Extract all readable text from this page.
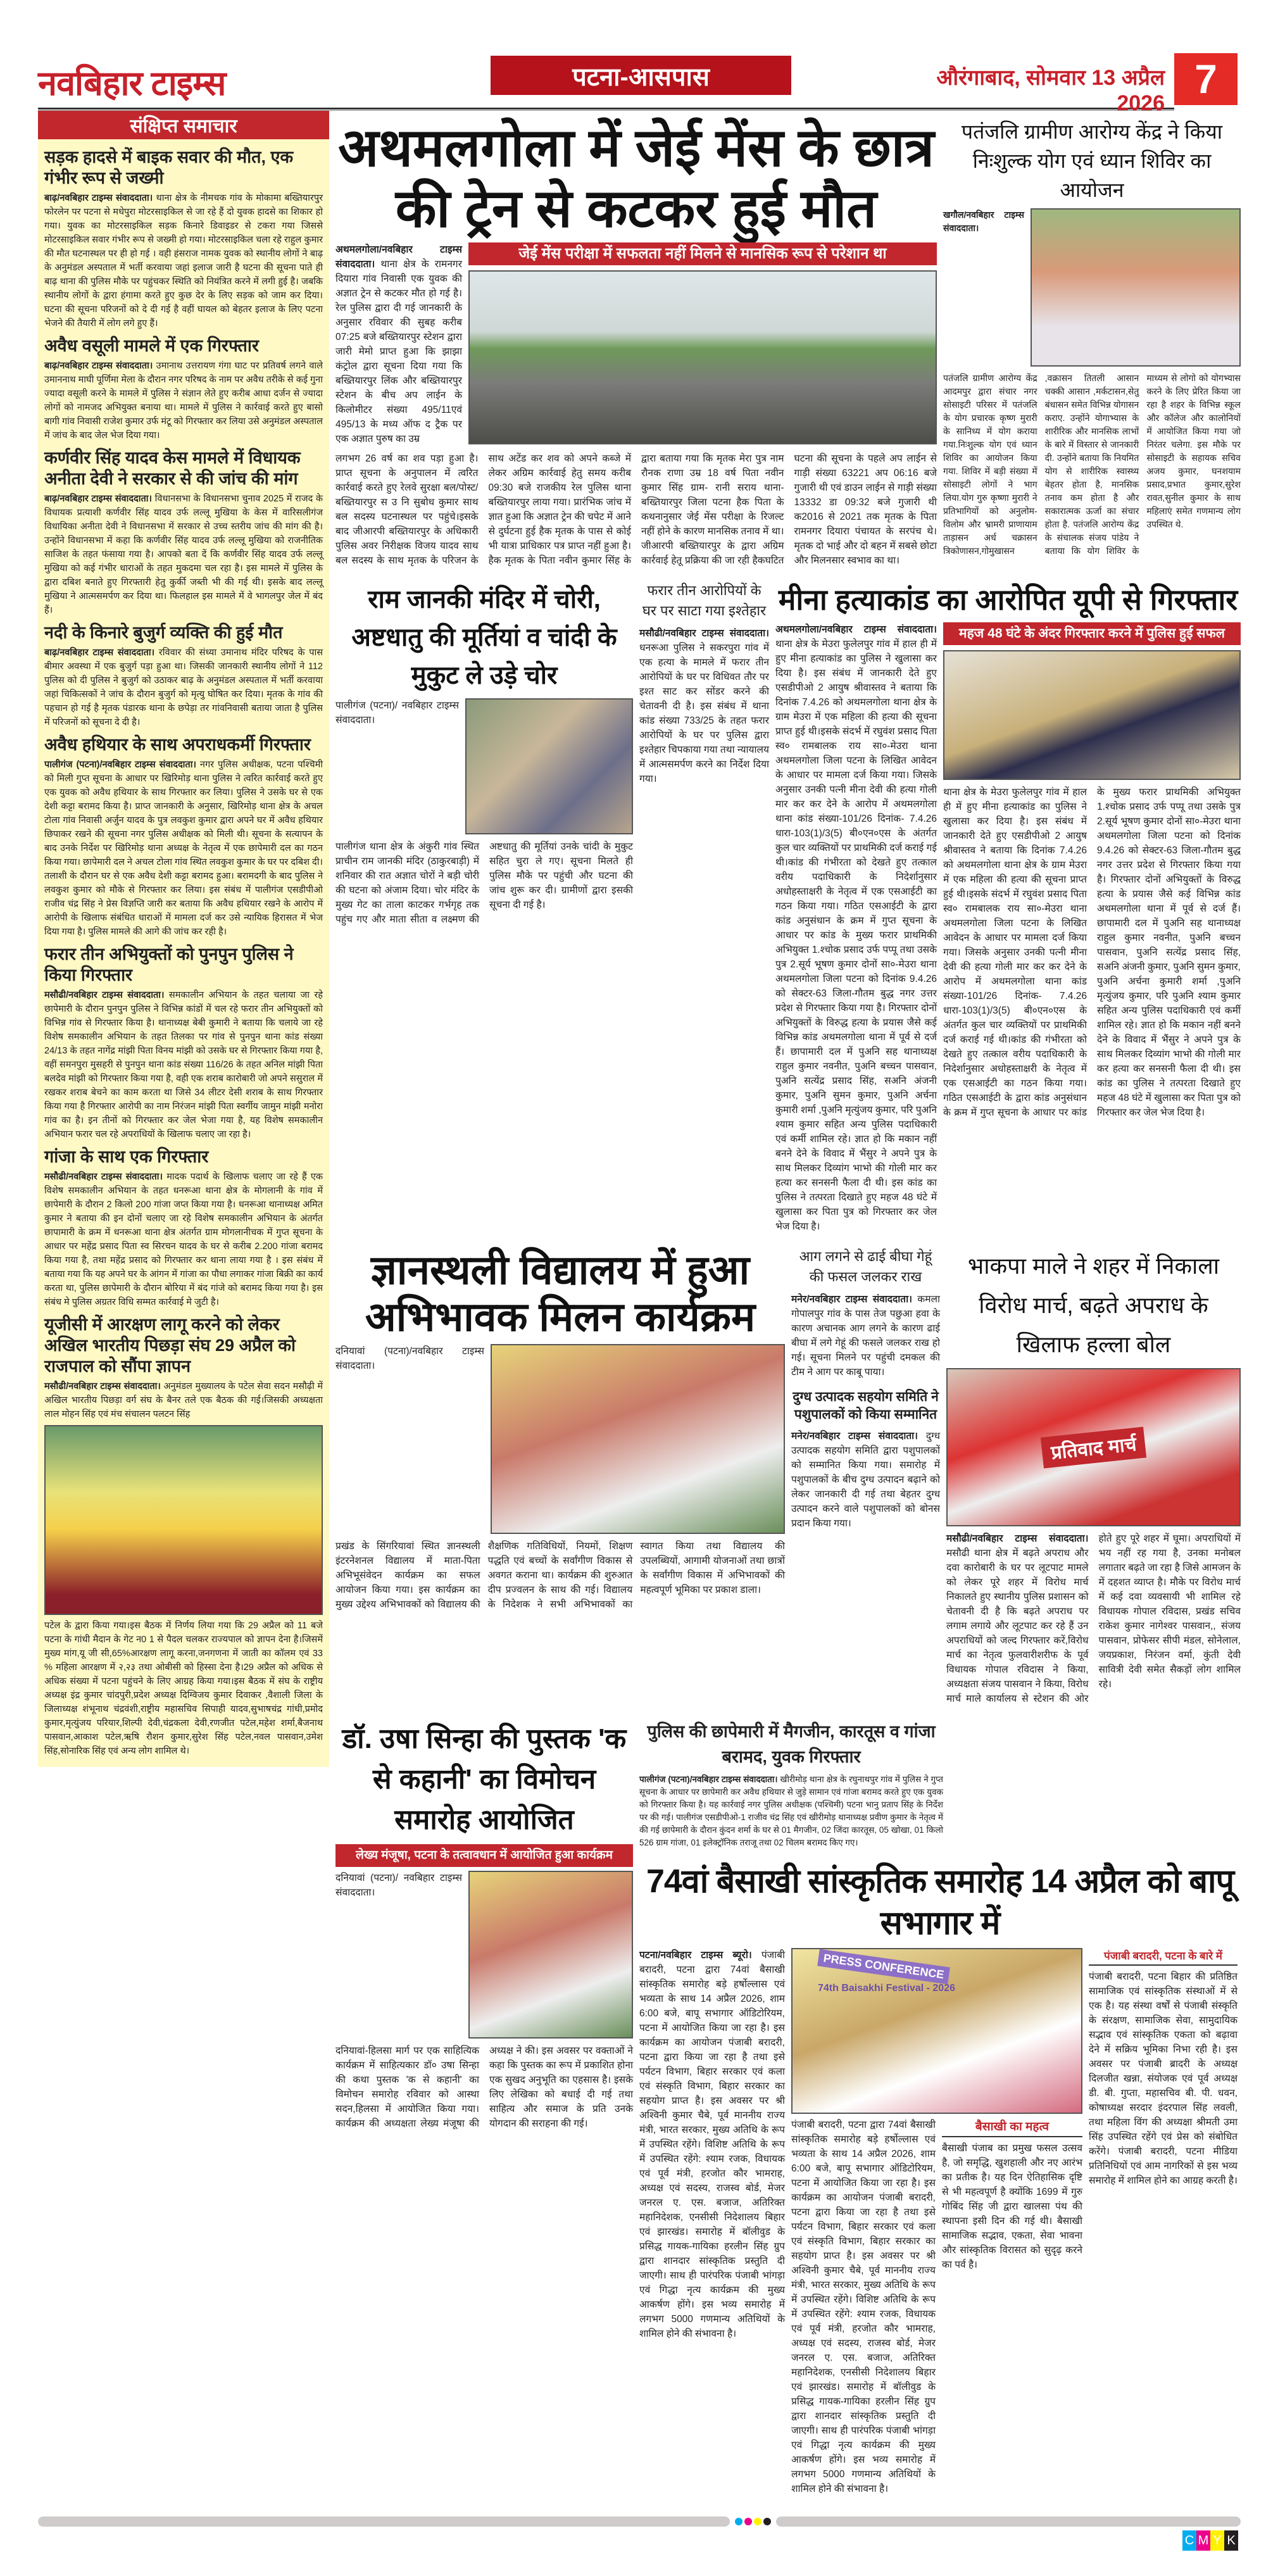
नवबिहार टाइम्स	पटना-आसपास	औरंगाबाद, सोमवार 13 अप्रैल 2026
7
संक्षिप्त समाचार
सड़क हादसे में बाइक सवार की मौत, एक गंभीर रूप से जख्मी

बाढ़/नवबिहार टाइम्स संवाददाता। थाना क्षेत्र के नीमचक गांव के मोकामा बख्तियारपुर फोरलेन पर पटना से मधेपुरा मोटरसाइकिल से जा रहे हैं दो युवक हादसे का शिकार हो गया। युवक का मोटरसाइकिल सड़क किनारे डिवाइडर से टकरा गया जिससे मोटरसाइकिल सवार गंभीर रूप से जख्मी हो गया। मोटरसाइकिल चला रहे राहुल कुमार की मौत घटनास्थल पर ही हो गई । वही हंसराज नामक युवक को स्थानीय लोगों ने बाढ़ के अनुमंडल अस्पताल में भर्ती करवाया जहां इलाज जारी है घटना की सूचना पाते ही बाढ़ थाना की पुलिस मौके पर पहुंचकर स्थिति को नियंत्रित करने में लगी हुई है। जबकि स्थानीय लोगों के द्वारा हंगामा करते हुए कुछ देर के लिए सड़क को जाम कर दिया। घटना की सूचना परिजनों को दे दी गई है वहीं घायल को बेहतर इलाज के लिए पटना भेजने की तैयारी में लोग लगे हुए हैं।

अवैध वसूली मामले में एक गिरफ्तार

बाढ़/नवबिहार टाइम्स संवाददाता। उमानाथ उत्तरायण गंगा घाट पर प्रतिवर्ष लगने वाले उमाननाथ माघी पूर्णिमा मेला के दौरान नगर परिषद के नाम पर अवैध तरीके से कई गुना ज्यादा वसूली करने के मामले में पुलिस ने संज्ञान लेते हुए करीब आधा दर्जन से ज्यादा लोगों को नामजद अभियुक्त बनाया था। मामले में पुलिस ने कार्रवाई करते हुए बासो बागी गांव निवासी राजेश कुमार उर्फ मंटू को गिरफ्तार कर लिया उसे अनुमंडल अस्पताल में जांच के बाद जेल भेज दिया गया।

कर्णवीर सिंह यादव केस मामले में विधायक अनीता देवी ने सरकार से की जांच की मांग

बाढ़/नवबिहार टाइम्स संवाददाता। विधानसभा के विधानसभा चुनाव 2025 में राजद के विधायक प्रत्याशी कर्णवीर सिंह यादव उर्फ लल्लू मुखिया के केस में वारिसलीगंज विधायिका अनीता देवी ने विधानसभा में सरकार से उच्च स्तरीय जांच की मांग की है। उन्होंने विधानसभा में कहा कि कर्णवीर सिंह यादव उर्फ लल्लू मुखिया को राजनीतिक साजिश के तहत फंसाया गया है। आपको बता दें कि कर्णवीर सिंह यादव उर्फ लल्लू मुखिया को कई गंभीर धाराओं के तहत मुकदमा चल रहा है। इस मामले में पुलिस के द्वारा दबिश बनाते हुए गिरफ्तारी हेतु कुर्की जब्ती भी की गई थी। इसके बाद लल्लू मुखिया ने आत्मसमर्पण कर दिया था। फिलहाल इस मामले में वे भागलपुर जेल में बंद हैं।

नदी के किनारे बुजुर्ग व्यक्ति की हुई मौत

बाढ़/नवबिहार टाइम्स संवाददाता। रविवार की संध्या उमानाथ मंदिर परिषद के पास बीमार अवस्था में एक बुजुर्ग पड़ा हुआ था। जिसकी जानकारी स्थानीय लोगों ने 112 पुलिस को दी पुलिस ने बुजुर्ग को उठाकर बाढ़ के अनुमंडल अस्पताल में भर्ती करवाया जहां चिकित्सकों ने जांच के दौरान बुजुर्ग को मृत्यु घोषित कर दिया। मृतक के गांव की पहचान हो गई है मृतक पंडारक थाना के छपेड़ा तर गांवनिवासी बताया जाता है पुलिस में परिजनों को सूचना दे दी है।

अवैध हथियार के साथ अपराधकर्मी गिरफ्तार

पालीगंज (पटना)/नवबिहार टाइम्स संवाददाता। नगर पुलिस अधीक्षक, पटना पश्चिमी को मिली गुप्त सूचना के आधार पर खिरिमोड़ थाना पुलिस ने त्वरित कार्रवाई करते हुए एक युवक को अवैध हथियार के साथ गिरफ्तार कर लिया। पुलिस ने उसके घर से एक देशी कट्टा बरामद किया है। प्राप्त जानकारी के अनुसार, खिरिमोड़ थाना क्षेत्र के अचल टोला गांव निवासी अर्जुन यादव के पुत्र लवकुश कुमार द्वारा अपने घर में अवैध हथियार छिपाकर रखने की सूचना नगर पुलिस अधीक्षक को मिली थी। सूचना के सत्यापन के बाद उनके निर्देश पर खिरिमोड़ थाना अध्यक्ष के नेतृत्व में एक छापेमारी दल का गठन किया गया। छापेमारी दल ने अचल टोला गांव स्थित लवकुश कुमार के घर पर दबिश दी। तलाशी के दौरान घर से एक अवैध देशी कट्टा बरामद हुआ। बरामदगी के बाद पुलिस ने लवकुश कुमार को मौके से गिरफ्तार कर लिया। इस संबंध में पालीगंज एसडीपीओ राजीव चंद्र सिंह ने प्रेस विज्ञप्ति जारी कर बताया कि अवैध हथियार रखने के आरोप में आरोपी के खिलाफ संबंधित धाराओं में मामला दर्ज कर उसे न्यायिक हिरासत में भेज दिया गया है। पुलिस मामले की आगे की जांच कर रही है।

फरार तीन अभियुक्तों को पुनपुन पुलिस ने किया गिरफ्तार

मसौढी/नवबिहार टाइम्स संवाददाता। समकालीन अभियान के तहत चलाया जा रहे छापेमारी के दौरान पुनपुन पुलिस ने विभिन्न कांडों में चल रहे फरार तीन अभियुक्तों को विभिन्न गांव से गिरफ्तार किया है। थानाध्यक्ष बेबी कुमारी ने बताया कि चलाये जा रहे विशेष समकालीन अभियान के तहत तिलका पर गांव से पुनपुन थाना कांड संख्या 24/13 के तहत नागेंद्र मांझी पिता विनय मांझी को उसके घर से गिरफ्तार किया गया है, वहीं समनपुरा मुसहरी से पुनपुन थाना कांड संख्या 116/26 के तहत अनिल मांझी पिता बलदेव मांझी को गिरफ्तार किया गया है, वही एक शराब कारोबारी जो अपने ससुराल में रखकर शराब बेचने का काम करता था जिसे 34 लीटर देसी शराब के साथ गिरफ्तार किया गया है गिरफ्तार आरोपी का नाम निरंजन मांझी पिता स्वर्गीय जामुन मांझी मनोरा गांव का है। इन तीनों को गिरफ्तार कर जेल भेजा गया है, यह विशेष समकालीन अभियान फरार चल रहे अपराधियों के खिलाफ चलाए जा रहा है।

गांजा के साथ एक गिरफ्तार

मसौढी/नवबिहार टाइम्स संवाददाता। मादक पदार्थ के खिलाफ चलाए जा रहे हैं एक विशेष समकालीन अभियान के तहत धनरूआ थाना क्षेत्र के मोगलानी के गांव में छापेमारी के दौरान 2 किलो 200 गांजा जप्त किया गया है। धनरूआ थानाध्यक्ष अमित कुमार ने बताया की इन दोनों चलाए जा रहे विशेष समकालीन अभियान के अंतर्गत छापामारी के क्रम में धनरूआ थाना क्षेत्र अंतर्गत ग्राम मोगलानीचक में गुप्त सूचना के आधार पर महेंद्र प्रसाद पिता स्व सिरचन यादव के घर से करीब 2.200 गांजा बरामद किया गया है, तथा महेंद्र प्रसाद को गिरफ्तार कर थाना लाया गया है । इस संबंध में बताया गया कि यह अपने घर के आंगन में गांजा का पौधा लगाकर गांजा बिक्री का कार्य करता था, पुलिस छापेमारी के दौरान बोरिया में बंद गांजे को बरामद किया गया है। इस संबंध मे पुलिस अग्रतर विधि सम्मत कार्रवाई मे जुटी है।

यूजीसी में आरक्षण लागू करने को लेकर अखिल भारतीय पिछड़ा संघ 29 अप्रैल को राजपाल को सौंपा ज्ञापन

मसौढी/नवबिहार टाइम्स संवाददाता। अनुमंडल मुख्यालय के पटेल सेवा सदन मसौढ़ी में अखिल भारतीय पिछड़ा वर्ग संघ के बैनर तले एक बैठक की गई।जिसकी अध्यक्षता लाल मोहन सिंह एवं मंच संचालन पलटन सिंह

पटेल के द्वारा किया गया।इस बैठक में निर्णय लिया गया कि 29 अप्रैल को 11 बजे पटना के गांधी मैदान के गेट न0 1 से पैदल चलकर राज्यपाल को ज्ञापन देना है।जिसमें मुख्य मांग,यू जी सी,65%आरक्षण लागू करना,जनगणना में जाती का कॉलम एवं 33 % महिला आरक्षण में २,२३ तथा ओबीसी को हिस्सा देना है।29 अप्रैल को अधिक से अधिक संख्या में पटना पहुंचने के लिए आग्रह किया गया।इस बैठक में संघ के राष्ट्रीय अध्यक्ष इंद्र कुमार चांदपुरी,प्रदेश अध्यक्ष दिग्विजय कुमार दिवाकर ,वैशाली जिला के जिलाध्यक्ष शंभूनाथ चंद्रवंशी,राष्ट्रीय महासचिव सिपाही यादव,सुभाषचंद्र गांधी,प्रमोद कुमार,मृत्युंजय परियार,शिल्पी देवी,चंद्रकला देवी,रणजीत पटेल,महेश शर्मा,बैजनाथ पासवान,आकाश पटेल,ऋषि रौशन कुमार,सुरेश सिंह पटेल,नवल पासवान,उमेश सिंह,सोनारिक सिंह एवं अन्य लोग शामिल थे।

अथमलगोला में जेई मेंस के छात्र
की ट्रेन से कटकर हुई मौत
अथमलगोला/नवबिहार टाइम्स संवाददाता। थाना क्षेत्र के रामनगर दियारा गांव निवासी एक युवक की अज्ञात ट्रेन से कटकर मौत हो गई है। रेल पुलिस द्वारा दी गई जानकारी के अनुसार रविवार की सुबह करीब 07:25 बजे बख्तियारपुर स्टेशन द्वारा जारी मेमो प्राप्त हुआ कि झाझा कंट्रोल द्वारा सूचना दिया गया कि बख्तियारपुर लिंक और बख्तियारपुर स्टेशन के बीच अप लाईन के किलोमीटर संख्या 495/11एवं 495/13 के मध्य ऑफ द ट्रैक पर एक अज्ञात पुरुष का उम्र
जेई मेंस परीक्षा में सफलता नहीं मिलने से मानसिक रूप से परेशान था
लगभग 26 वर्ष का शव पड़ा हुआ है। प्राप्त सूचना के अनुपालन में त्वरित कार्रवाई करते हुए रेलवे सुरक्षा बल/पोस्ट/ बख्तियारपुर स उ नि सुबोध कुमार साथ बल सदस्य घटनास्थल पर पहुंचे।इसके बाद जीआरपी बख्तियारपुर के अधिकारी पुलिस अवर निरीक्षक विजय यादव साथ बल सदस्य के साथ मृतक के परिजन के साथ अटेंड कर शव को अपने कब्जे में लेकर अग्रिम कार्रवाई हेतु समय करीब 09:30 बजे राजकीय रेल पुलिस थाना बख्तियारपुर लाया गया। प्रारंभिक जांच में ज्ञात हुआ कि अज्ञात ट्रेन की चपेट में आने से दुर्घटना हुई हैक मृतक के पास से कोई भी यात्रा प्राधिकार पत्र प्राप्त नहीं हुआ है। हैक मृतक के पिता नवीन कुमार सिंह के द्वारा बताया गया कि मृतक मेरा पुत्र नाम रौनक राणा उम्र 18 वर्ष पिता नवीन कुमार सिंह ग्राम- रानी सराय थाना- बख्तियारपुर जिला पटना हैक पिता के कथनानुसार जेई मेंस परीक्षा के रिजल्ट नहीं होने के कारण मानसिक तनाव में था। जीआरपी बख्तियारपुर के द्वारा अग्रिम कार्रवाई हेतू प्रक्रिया की जा रही हैकघटित घटना की सूचना के पहले अप लाईन से गाड़ी संख्या 63221 अप 06:16 बजे गुजारी थी एवं डाउन लाईन से गाड़ी संख्या 13332 डा 09:32 बजे गुजारी थी क2016 से 2021 तक मृतक के पिता रामनगर दियारा पंचायत के सरपंच थे। मृतक दो भाई और दो बहन में सबसे छोटा और मिलनसार स्वभाव का था।
पतंजलि ग्रामीण आरोग्य केंद्र ने किया निःशुल्क योग एवं ध्यान शिविर का आयोजन
खगौल/नवबिहार टाइम्स संवाददाता।
पतंजलि ग्रामीण आरोग्य केंद्र आदमपुर द्वारा संचार नगर सोसाइटी परिसर में पतंजलि के योग प्रचारक कृष्ण मुरारी के सानिध्य में योग कराया गया.निःशुल्क योग एवं ध्यान शिविर का आयोजन किया गया. शिविर में बड़ी संख्या में सोसाइटी लोगों ने भाग लिया.योग गुरु कृष्णा मुरारी ने प्रतिभागियों को अनुलोम-विलोम और भ्रामरी प्राणायाम ताड़ासन अर्ध चक्रासन त्रिकोणासन,गोमुखासन ,वक्रासन तितली आसान चक्की आसान ,मर्कटासन,सेतु बंधासन समेत विभिन्न योगासन कराए. उन्होंने योगाभ्यास के शारीरिक और मानसिक लाभों के बारे में विस्तार से जानकारी दी. उन्होंने बताया कि नियमित योग से शारीरिक स्वास्थ्य बेहतर होता है, मानसिक तनाव कम होता है और सकारात्मक ऊर्जा का संचार होता है. पतंजलि आरोग्य केंद्र के संचालक संजय पांडेय ने बताया कि योग शिविर के माध्यम से लोगो को योगभ्यास करने के लिए प्रेरित किया जा रहा है शहर के विभिन्न स्कूल और कॉलेज और कालोनियों में आयोजित किया गया जो निरंतर चलेगा. इस मौके पर सोसाइटी के सहायक सचिव अजय कुमार, घनशयाम प्रसाद,प्रभात कुमार,सुरेश रावत,सुनील कुमार के साथ महिलाएं समेत गणमान्य लोग उपस्थित थे.
राम जानकी मंदिर में चोरी, अष्टधातु की मूर्तियां व चांदी के मुकुट ले उड़े चोर
पालीगंज (पटना)/ नवबिहार टाइम्स संवाददाता।
पालीगंज थाना क्षेत्र के अंकुरी गांव स्थित प्राचीन राम जानकी मंदिर (ठाकुरबाड़ी) में शनिवार की रात अज्ञात चोरों ने बड़ी चोरी की घटना को अंजाम दिया। चोर मंदिर के मुख्य गेट का ताला काटकर गर्भगृह तक पहुंच गए और माता सीता व लक्ष्मण की अष्टधातु की मूर्तियां उनके चांदी के मुकुट सहित चुरा ले गए। सूचना मिलते ही पुलिस मौके पर पहुंची और घटना की जांच शुरू कर दी। ग्रामीणों द्वारा इसकी सूचना दी गई है।
फरार तीन आरोपियों के घर पर साटा गया इश्तेहार
मसौढी/नवबिहार टाइम्स संवाददाता। धनरूआ पुलिस ने सकरपुरा गांव में एक हत्या के मामले में फरार तीन आरोपियों के घर पर विधिवत तौर पर इश्त साट कर सोंडर करने की चेतावनी दी है। इस संबंध में थाना कांड संख्या 733/25 के तहत फरार आरोपियों के घर पर पुलिस द्वारा इश्तेहार चिपकाया गया तथा न्यायालय में आत्मसमर्पण करने का निर्देश दिया गया।
मीना हत्याकांड का आरोपित यूपी से गिरफ्तार
अथमलगोला/नवबिहार टाइम्स संवाददाता। थाना क्षेत्र के मेउरा फुलेलपुर गांव में हाल ही में हुए मीना हत्याकांड का पुलिस ने खुलासा कर दिया है। इस संबंध में जानकारी देते हुए एसडीपीओ 2 आयुष श्रीवास्तव ने बताया कि दिनांक 7.4.26 को अथमलगोला थाना क्षेत्र के ग्राम मेउरा में एक महिला की हत्या की सूचना प्राप्त हुई थी।इसके संदर्भ में रघुवंश प्रसाद पिता स्व० रामबालक राय सा०-मेउरा थाना अथमलगोला जिला पटना के लिखित आवेदन के आधार पर मामला दर्ज किया गया। जिसके अनुसार उनकी पत्नी मीना देवी की हत्या गोली मार कर कर देने के आरोप में अथमलगोला थाना कांड संख्या-101/26 दिनांक- 7.4.26 धारा-103(1)/3(5) बी०एन०एस के अंतर्गत कुल चार व्यक्तियों पर प्राथमिकी दर्ज कराई गई थी।कांड की गंभीरता को देखते हुए तत्काल वरीय पदाधिकारी के निदेर्शानुसार अधोहस्ताक्षरी के नेतृत्व में एक एसआईटी का गठन किया गया। गठित एसआईटी के द्वारा कांड अनुसंधान के क्रम में गुप्त सूचना के आधार पर कांड के मुख्य फरार प्राथमिकी अभियुक्त 1.श्चोक प्रसाद उर्फ पप्पू तथा उसके पुत्र 2.सूर्य भूषण कुमार दोनों सा०-मेउरा थाना अथमलगोला जिला पटना को दिनांक 9.4.26 को सेक्टर-63 जिला-गौतम बुद्ध नगर उत्तर प्रदेश से गिरफ्तार किया गया है। गिरफ्तार दोनों अभियुक्तों के विरुद्ध हत्या के प्रयास जैसे कई विभिन्न कांड अथमलगोला थाना में पूर्व से दर्ज हैं। छापामारी दल में पुअनि सह थानाध्यक्ष राहुल कुमार नवनीत, पुअनि बच्चन पासवान, पुअनि सत्येंद्र प्रसाद सिंह, सअनि अंजनी कुमार, पुअनि सुमन कुमार, पुअनि अर्चना कुमारी शर्मा ,पुअनि मृत्युंजय कुमार, परि पुअनि श्याम कुमार सहित अन्य पुलिस पदाधिकारी एवं कर्मी शामिल रहे। ज्ञात हो कि मकान नहीं बनने देने के विवाद में भैंसुर ने अपने पुत्र के साथ मिलकर दिव्यांग भाभो की गोली मार कर हत्या कर सनसनी फैला दी थी। इस कांड का पुलिस ने तत्परता दिखाते हुए महज 48 घंटे में खुलासा कर पिता पुत्र को गिरफ्तार कर जेल भेज दिया है।
महज 48 घंटे के अंदर गिरफ्तार करने में पुलिस हुई सफल
थाना क्षेत्र के मेउरा फुलेलपुर गांव में हाल ही में हुए मीना हत्याकांड का पुलिस ने खुलासा कर दिया है। इस संबंध में जानकारी देते हुए एसडीपीओ 2 आयुष श्रीवास्तव ने बताया कि दिनांक 7.4.26 को अथमलगोला थाना क्षेत्र के ग्राम मेउरा में एक महिला की हत्या की सूचना प्राप्त हुई थी।इसके संदर्भ में रघुवंश प्रसाद पिता स्व० रामबालक राय सा०-मेउरा थाना अथमलगोला जिला पटना के लिखित आवेदन के आधार पर मामला दर्ज किया गया। जिसके अनुसार उनकी पत्नी मीना देवी की हत्या गोली मार कर कर देने के आरोप में अथमलगोला थाना कांड संख्या-101/26 दिनांक- 7.4.26 धारा-103(1)/3(5) बी०एन०एस के अंतर्गत कुल चार व्यक्तियों पर प्राथमिकी दर्ज कराई गई थी।कांड की गंभीरता को देखते हुए तत्काल वरीय पदाधिकारी के निदेर्शानुसार अधोहस्ताक्षरी के नेतृत्व में एक एसआईटी का गठन किया गया। गठित एसआईटी के द्वारा कांड अनुसंधान के क्रम में गुप्त सूचना के आधार पर कांड के मुख्य फरार प्राथमिकी अभियुक्त 1.श्चोक प्रसाद उर्फ पप्पू तथा उसके पुत्र 2.सूर्य भूषण कुमार दोनों सा०-मेउरा थाना अथमलगोला जिला पटना को दिनांक 9.4.26 को सेक्टर-63 जिला-गौतम बुद्ध नगर उत्तर प्रदेश से गिरफ्तार किया गया है। गिरफ्तार दोनों अभियुक्तों के विरुद्ध हत्या के प्रयास जैसे कई विभिन्न कांड अथमलगोला थाना में पूर्व से दर्ज हैं। छापामारी दल में पुअनि सह थानाध्यक्ष राहुल कुमार नवनीत, पुअनि बच्चन पासवान, पुअनि सत्येंद्र प्रसाद सिंह, सअनि अंजनी कुमार, पुअनि सुमन कुमार, पुअनि अर्चना कुमारी शर्मा ,पुअनि मृत्युंजय कुमार, परि पुअनि श्याम कुमार सहित अन्य पुलिस पदाधिकारी एवं कर्मी शामिल रहे। ज्ञात हो कि मकान नहीं बनने देने के विवाद में भैंसुर ने अपने पुत्र के साथ मिलकर दिव्यांग भाभो की गोली मार कर हत्या कर सनसनी फैला दी थी। इस कांड का पुलिस ने तत्परता दिखाते हुए महज 48 घंटे में खुलासा कर पिता पुत्र को गिरफ्तार कर जेल भेज दिया है।
ज्ञानस्थली विद्यालय में हुआ अभिभावक मिलन कार्यक्रम
दनियावां (पटना)/नवबिहार टाइम्स संवाददाता।
प्रखंड के सिंगरियावां स्थित ज्ञानस्थली इंटरनेशनल विद्यालय में माता-पिता अभिभूसंवेदन कार्यक्रम का सफल आयोजन किया गया। इस कार्यक्रम का मुख्य उद्देश्य अभिभावकों को विद्यालय की शैक्षणिक गतिविधियों, नियमों, शिक्षण पद्धति एवं बच्चों के सर्वांगीण विकास से अवगत कराना था। कार्यक्रम की शुरुआत दीप प्रज्वलन के साथ की गई। विद्यालय के निदेशक ने सभी अभिभावकों का स्वागत किया तथा विद्यालय की उपलब्धियों, आगामी योजनाओं तथा छात्रों के सर्वांगीण विकास में अभिभावकों की महत्वपूर्ण भूमिका पर प्रकाश डाला।
आग लगने से ढाई बीघा गेहूं की फसल जलकर राख
मनेर/नवबिहार टाइम्स संवाददाता। कमला गोपालपुर गांव के पास तेज पछुआ हवा के कारण अचानक आग लगने के कारण ढाई बीघा में लगे गेहूं की फसले जलकर राख हो गई। सूचना मिलने पर पहुंची दमकल की टीम ने आग पर काबू पाया।
दुग्ध उत्पादक सहयोग समिति ने पशुपालकों को किया सम्मानित
मनेर/नवबिहार टाइम्स संवाददाता। दुग्ध उत्पादक सहयोग समिति द्वारा पशुपालकों को सम्मानित किया गया। समारोह में पशुपालकों के बीच दुग्ध उत्पादन बढ़ाने को लेकर जानकारी दी गई तथा बेहतर दुग्ध उत्पादन करने वाले पशुपालकों को बोनस प्रदान किया गया।
भाकपा माले ने शहर में निकाला विरोध मार्च, बढ़ते अपराध के खिलाफ हल्ला बोल
प्रतिवाद मार्च
मसौढी/नवबिहार टाइम्स संवाददाता। मसौढी थाना क्षेत्र में बढ़ते अपराध और दवा कारोबारी के घर पर लूटपाट मामले को लेकर पूरे शहर में विरोध मार्च निकालते हुए स्थानीय पुलिस प्रशासन को चेतावनी दी है कि बढ़ते अपराध पर लगाम लगाये और लूटपाट कर रहे हैं उन अपराधियों को जल्द गिरफ्तार करें,विरोध मार्च का नेतृत्व फुलवारीशरीफ के पूर्व विधायक गोपाल रविदास ने किया, अध्यक्षता संजय पासवान ने किया, विरोध मार्च माले कार्यालय से स्टेशन की ओर होते हुए पूरे शहर में घूमा। अपराधियों में भय नहीं रह गया है, उनका मनोबल लगातार बढ़ते जा रहा है जिसे आमजन के में दहशत व्याप्त है। मौके पर विरोध मार्च में कई दवा व्यवसायी भी शामिल रहे विधायक गोपाल रविदास, प्रखंड सचिव राकेश कुमार नागेश्वर पासवान,, संजय पासवान, प्रोफेसर सीपी मंडल, सोनेलाल, जयप्रकाश, निरंजन वर्मा, कुंती देवी सावित्री देवी समेत सैकड़ों लोग शामिल रहे।
डॉ. उषा सिन्हा की पुस्तक 'क से कहानी' का विमोचन समारोह आयोजित
लेख्य मंजूषा, पटना के तत्वावधान में आयोजित हुआ कार्यक्रम
दनियावां (पटना)/ नवबिहार टाइम्स संवाददाता।
दनियावां-हिलसा मार्ग पर एक साहित्यिक कार्यक्रम में साहित्यकार डॉ० उषा सिन्हा की कथा पुस्तक 'क से कहानी' का विमोचन समारोह रविवार को आस्था सदन,हिलसा में आयोजित किया गया। कार्यक्रम की अध्यक्षता लेख्य मंजूषा की अध्यक्ष ने की। इस अवसर पर वक्ताओं ने कहा कि पुस्तक का रूप में प्रकाशित होना एक सुखद अनुभूति का एहसास है। इसके लिए लेखिका को बधाई दी गई तथा साहित्य और समाज के प्रति उनके योगदान की सराहना की गई।
पुलिस की छापेमारी में मैगजीन, कारतूस व गांजा बरामद, युवक गिरफ्तार
पालीगंज (पटना)/नवबिहार टाइम्स संवाददाता। खीरीमोड़ थाना क्षेत्र के रघुनाथपुर गांव में पुलिस ने गुप्त सूचना के आधार पर छापेमारी कर अवैध हथियार से जुड़े सामान एवं गांजा बरामद करते हुए एक युवक को गिरफ्तार किया है। यह कार्रवाई नगर पुलिस अधीक्षक (पश्चिमी) पटना भानु प्रताप सिंह के निर्देश पर की गई। पालीगंज एसडीपीओ-1 राजीव चंद्र सिंह एवं खीरीमोड़ थानाध्यक्ष प्रवीण कुमार के नेतृत्व में की गई छापेमारी के दौरान कुंदन शर्मा के घर से 01 मैगजीन, 02 जिंदा कारतूस, 05 खोखा, 01 किलो 526 ग्राम गांजा, 01 इलेक्ट्रॉनिक तराजू तथा 02 चिलम बरामद किए गए।
74वां बैसाखी सांस्कृतिक समारोह 14 अप्रैल को बापू सभागार में
पटना/नवबिहार टाइम्स ब्यूरो। पंजाबी बरादरी, पटना द्वारा 74वां बैसाखी सांस्कृतिक समारोह बड़े हर्षोल्लास एवं भव्यता के साथ 14 अप्रैल 2026, शाम 6:00 बजे, बापू सभागार ऑडिटोरियम, पटना में आयोजित किया जा रहा है। इस कार्यक्रम का आयोजन पंजाबी बरादरी, पटना द्वारा किया जा रहा है तथा इसे पर्यटन विभाग, बिहार सरकार एवं कला एवं संस्कृति विभाग, बिहार सरकार का सहयोग प्राप्त है। इस अवसर पर श्री अश्विनी कुमार चैबे, पूर्व माननीय राज्य मंत्री, भारत सरकार, मुख्य अतिथि के रूप में उपस्थित रहेंगे। विशिष्ट अतिथि के रूप में उपस्थित रहेंगे: श्याम रजक, विधायक एवं पूर्व मंत्री, हरजोत कौर भामराह, अध्यक्ष एवं सदस्य, राजस्व बोर्ड, मेजर जनरल ए. एस. बजाज, अतिरिक्त महानिदेशक, एनसीसी निदेशालय बिहार एवं झारखंड। समारोह में बॉलीवुड के प्रसिद्ध गायक-गायिका हरलीन सिंह ग्रुप द्वारा शानदार सांस्कृतिक प्रस्तुति दी जाएगी। साथ ही पारंपरिक पंजाबी भांगड़ा एवं गिद्धा नृत्य कार्यक्रम की मुख्य आकर्षण होंगे। इस भव्य समारोह में लगभग 5000 गणमान्य अतिथियों के शामिल होने की संभावना है।
PRESS CONFERENCE
74th Baisakhi Festival - 2026
पंजाबी बरादरी, पटना द्वारा 74वां बैसाखी सांस्कृतिक समारोह बड़े हर्षोल्लास एवं भव्यता के साथ 14 अप्रैल 2026, शाम 6:00 बजे, बापू सभागार ऑडिटोरियम, पटना में आयोजित किया जा रहा है। इस कार्यक्रम का आयोजन पंजाबी बरादरी, पटना द्वारा किया जा रहा है तथा इसे पर्यटन विभाग, बिहार सरकार एवं कला एवं संस्कृति विभाग, बिहार सरकार का सहयोग प्राप्त है। इस अवसर पर श्री अश्विनी कुमार चैबे, पूर्व माननीय राज्य मंत्री, भारत सरकार, मुख्य अतिथि के रूप में उपस्थित रहेंगे। विशिष्ट अतिथि के रूप में उपस्थित रहेंगे: श्याम रजक, विधायक एवं पूर्व मंत्री, हरजोत कौर भामराह, अध्यक्ष एवं सदस्य, राजस्व बोर्ड, मेजर जनरल ए. एस. बजाज, अतिरिक्त महानिदेशक, एनसीसी निदेशालय बिहार एवं झारखंड। समारोह में बॉलीवुड के प्रसिद्ध गायक-गायिका हरलीन सिंह ग्रुप द्वारा शानदार सांस्कृतिक प्रस्तुति दी जाएगी। साथ ही पारंपरिक पंजाबी भांगड़ा एवं गिद्धा नृत्य कार्यक्रम की मुख्य आकर्षण होंगे। इस भव्य समारोह में लगभग 5000 गणमान्य अतिथियों के शामिल होने की संभावना है।
बैसाखी का महत्व
बैसाखी पंजाब का प्रमुख फसल उत्सव है, जो समृद्धि, खुशहाली और नए आरंभ का प्रतीक है। यह दिन ऐतिहासिक दृष्टि से भी महत्वपूर्ण है क्योंकि 1699 में गुरु गोबिंद सिंह जी द्वारा खालसा पंथ की स्थापना इसी दिन की गई थी। बैसाखी सामाजिक सद्भाव, एकता, सेवा भावना और सांस्कृतिक विरासत को सुदृढ़ करने का पर्व है।
पंजाबी बरादरी, पटना के बारे में
पंजाबी बरादरी, पटना बिहार की प्रतिष्ठित सामाजिक एवं सांस्कृतिक संस्थाओं में से एक है। यह संस्था वर्षों से पंजाबी संस्कृति के संरक्षण, सामाजिक सेवा, सामुदायिक सद्भाव एवं सांस्कृतिक एकता को बढ़ावा देने में सक्रिय भूमिका निभा रही है। इस अवसर पर पंजाबी ब्रादरी के अध्यक्ष दिलजीत खन्ना, संयोजक एवं पूर्व अध्यक्ष डी. बी. गुप्ता, महासचिव बी. पी. धवन, कोषाध्यक्ष सरदार इंदरपाल सिंह लवली, तथा महिला विंग की अध्यक्षा श्रीमती उमा सिंह उपस्थित रहेंगे एवं प्रेस को संबोधित करेंगे। पंजाबी बरादरी, पटना मीडिया प्रतिनिधियों एवं आम नागरिकों से इस भव्य समारोह में शामिल होने का आग्रह करती है।
C M Y K
